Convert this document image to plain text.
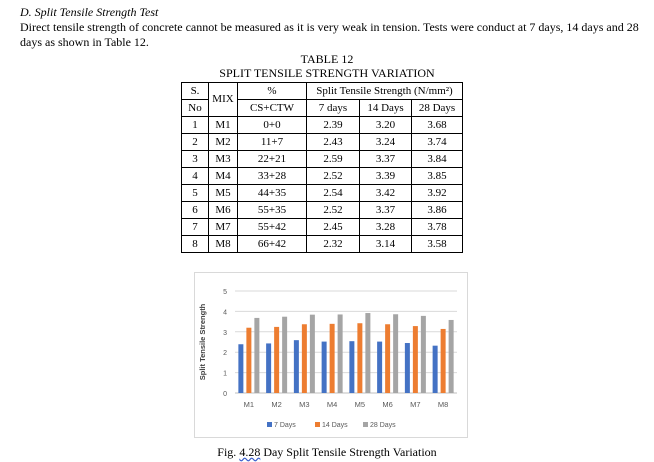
D. Split Tensile Strength Test
Direct tensile strength of concrete cannot be measured as it is very weak in tension. Tests were conduct at 7 days, 14 days and 28 days as shown in Table 12.
TABLE 12
SPLIT TENSILE STRENGTH VARIATION
S.	MIX	%	Split Tensile Strength (N/mm²)		
No		CS+CTW	7 days	14 Days	28 Days
1	M1	0+0	2.39	3.20	3.68
2	M2	11+7	2.43	3.24	3.74
3	M3	22+21	2.59	3.37	3.84
4	M4	33+28	2.52	3.39	3.85
5	M5	44+35	2.54	3.42	3.92
6	M6	55+35	2.52	3.37	3.86
7	M7	55+42	2.45	3.28	3.78
8	M8	66+42	2.32	3.14	3.58
0
1
2
3
4
5
M1 M2 M3 M4 M5 M6 M7 M8
Split Tensile Strength
7 Days	14 Days	28 Days
Fig. 4.28 Day Split Tensile Strength Variation
